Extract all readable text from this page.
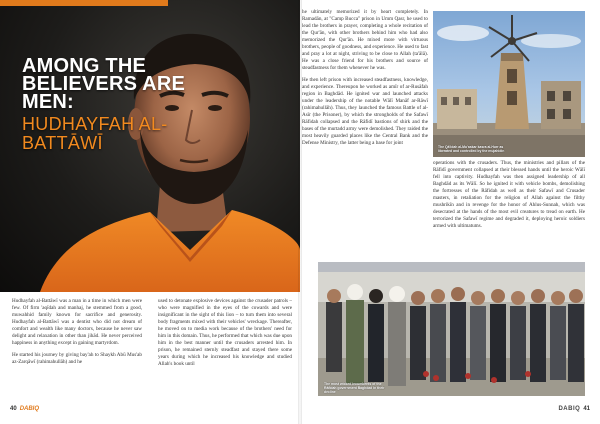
AMONG THE BELIEVERS ARE MEN:
HUDHAYFAH AL-BATTĀWĪ

Hudhayfah al-Battāwī was a man in a time in which men were few. Of firm 'aqīdah and manhaj, he stemmed from a good, muwahhid family known for sacrifice and generosity. Hudhayfah al-Battāwī was a dentist who did not dream of comfort and wealth like many doctors, because he never saw delight and relaxation in other than jihād. He never perceived happiness in anything except in gaining martyrdom.

He started his journey by giving bay'ah to Shaykh Abū Mus'ab az-Zarqāwī (rahimahullāh) and he

used to detonate explosive devices against the crusader patrols – who were magnified in the eyes of the cowards and were insignificant in the sight of this lion – to turn them into several body fragments mixed with their vehicles' wreckage. Thereafter, he moved on to media work because of the brothers' need for him in this domain. Thus, he performed that which was due upon him in the best manner until the crusaders arrested him. In prison, he remained sternly steadfast and stayed there some years during which he increased his knowledge and studied Allah's book until

he ultimately memorized it by heart completely. In Ramadān, at "Camp Bucca" prison in Umm Qasr, he used to lead the brothers in prayer, completing a whole recitation of the Qur'ān, with other brothers behind him who had also memorized the Qur'ān. He mixed more with virtuous brothers, people of goodness, and experience. He used to fast and pray a lot at night, striving to be close to Allah (ta'ālā). He was a close friend for his brothers and source of steadfastness for them whenever he was.

He then left prison with increased steadfastness, knowledge, and experience. Thereupon he worked as amīr of ar-Rusāfah region in Baghdād. He ignited war and launched attacks under the leadership of the notable Wālī Manāf ar-Rāwī (rahimahullāh). Thus, they launched the famous Battle of al-Asīr (the Prisoner), by which the strongholds of the Safawī Rāfidah collapsed and the Rāfidī bastions of shirk and the bases of the murtadd army were demolished. They raided the most heavily guarded places like the Central Bank and the Defense Ministry, the latter being a base for joint

The Qā'idah al-Mu'askar kasra al-Hurr as liberated and controlled by the mujahidin

operations with the crusaders. Thus, the ministries and pillars of the Rāfidī government collapsed at their blessed hands until the heroic Wālī fell into captivity. Hudhayfah was then assigned leadership of all Baghdād as its Wālī. So he ignited it with vehicle bombs, demolishing the fortresses of the Rāfidah as well as their Safawī and Crusader masters, in retaliation for the religion of Allah against the filthy mushrikīn and in revenge for the honor of Ahlus-Sunnah, which was desecrated at the hands of the most evil creatures to tread on earth. He terrorized the Safawī regime and degraded it, deploying heroic soldiers armed with ultimatums.

The most wicked incumbents of the Rāfidah government Baghdad in their decline
40 DABIQ	DABIQ 41
